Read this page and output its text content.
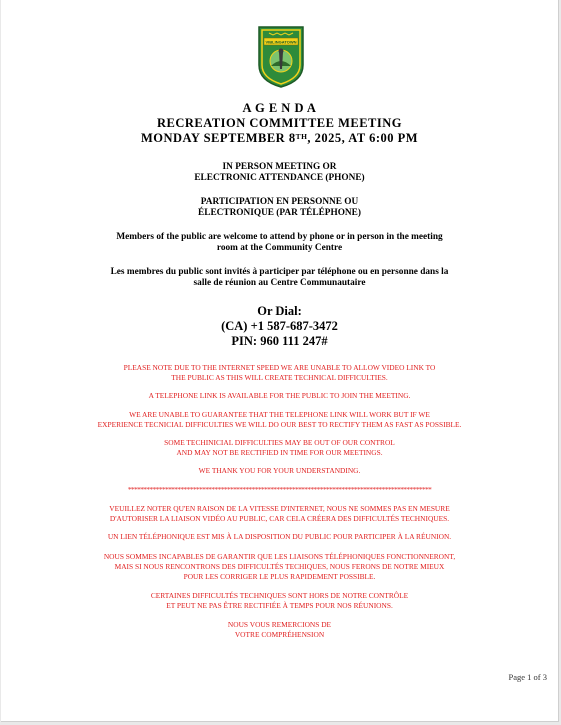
VIBLINGATOWN
A G E N D A
RECREATION COMMITTEE MEETING
MONDAY SEPTEMBER 8TH, 2025, AT 6:00 PM
IN PERSON MEETING OR
ELECTRONIC ATTENDANCE (PHONE)
PARTICIPATION EN PERSONNE OU
ÉLECTRONIQUE (PAR TÉLÉPHONE)
Members of the public are welcome to attend by phone or in person in the meeting
room at the Community Centre
Les membres du public sont invités à participer par téléphone ou en personne dans la
salle de réunion au Centre Communautaire
Or Dial:
(CA) +1 587-687-3472
PIN: 960 111 247#
PLEASE NOTE DUE TO THE INTERNET SPEED WE ARE UNABLE TO ALLOW VIDEO LINK TO
THE PUBLIC AS THIS WILL CREATE TECHNICAL DIFFICULTIES.
A TELEPHONE LINK IS AVAILABLE FOR THE PUBLIC TO JOIN THE MEETING.
WE ARE UNABLE TO GUARANTEE THAT THE TELEPHONE LINK WILL WORK BUT IF WE
EXPERIENCE TECNICIAL DIFFICULTIES WE WILL DO OUR BEST TO RECTIFY THEM AS FAST AS POSSIBLE.
SOME TECHINICIAL DIFFICULTIES MAY BE OUT OF OUR CONTROL
AND MAY NOT BE RECTIFIED IN TIME FOR OUR MEETINGS.
WE THANK YOU FOR YOUR UNDERSTANDING.
**************************************************************************************************
VEUILLEZ NOTER QU'EN RAISON DE LA VITESSE D'INTERNET, NOUS NE SOMMES PAS EN MESURE
D'AUTORISER LA LIAISON VIDÉO AU PUBLIC, CAR CELA CRÉERA DES DIFFICULTÉS TECHNIQUES.
UN LIEN TÉLÉPHONIQUE EST MIS À LA DISPOSITION DU PUBLIC POUR PARTICIPER À LA RÉUNION.
NOUS SOMMES INCAPABLES DE GARANTIR QUE LES LIAISONS TÉLÉPHONIQUES FONCTIONNERONT,
MAIS SI NOUS RENCONTRONS DES DIFFICULTÉS TECHIQUES, NOUS FERONS DE NOTRE MIEUX
POUR LES CORRIGER LE PLUS RAPIDEMENT POSSIBLE.
CERTAINES DIFFICULTÉS TECHNIQUES SONT HORS DE NOTRE CONTRÔLE
ET PEUT NE PAS ÊTRE RECTIFIÉE À TEMPS POUR NOS RÉUNIONS.
NOUS VOUS REMERCIONS DE
VOTRE COMPRÉHENSION
Page 1 of 3
